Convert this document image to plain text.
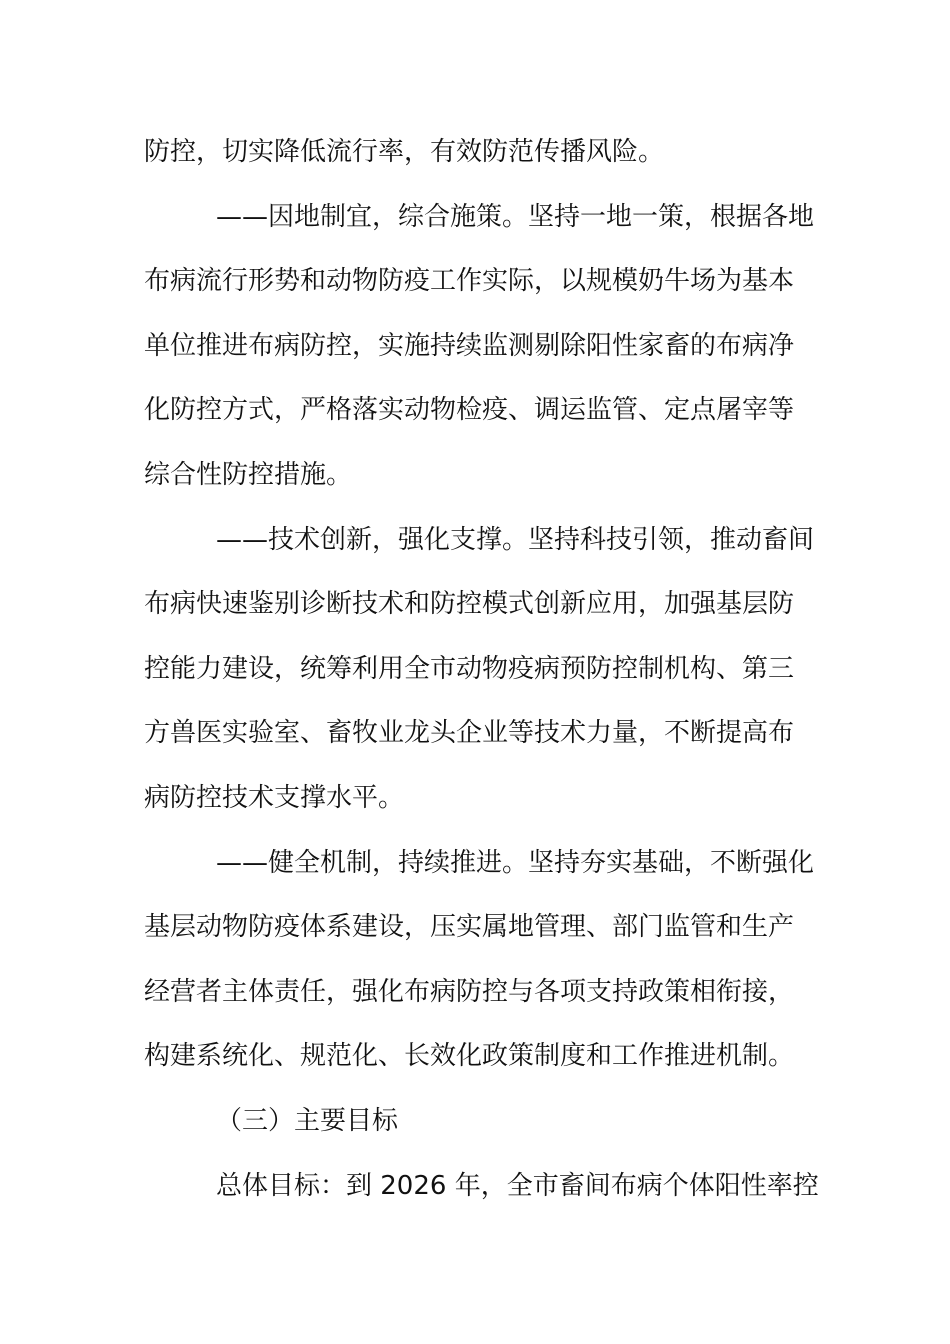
防控，切实降低流行率，有效防范传播风险。
——因地制宜，综合施策。坚持一地一策，根据各地
布病流行形势和动物防疫工作实际，以规模奶牛场为基本
单位推进布病防控，实施持续监测剔除阳性家畜的布病净
化防控方式，严格落实动物检疫、调运监管、定点屠宰等
综合性防控措施。
——技术创新，强化支撑。坚持科技引领，推动畜间
布病快速鉴别诊断技术和防控模式创新应用，加强基层防
控能力建设，统筹利用全市动物疫病预防控制机构、第三
方兽医实验室、畜牧业龙头企业等技术力量，不断提高布
病防控技术支撑水平。
——健全机制，持续推进。坚持夯实基础，不断强化
基层动物防疫体系建设，压实属地管理、部门监管和生产
经营者主体责任，强化布病防控与各项支持政策相衔接，
构建系统化、规范化、长效化政策制度和工作推进机制。
（三）主要目标
总体目标：到 2026 年，全市畜间布病个体阳性率控
